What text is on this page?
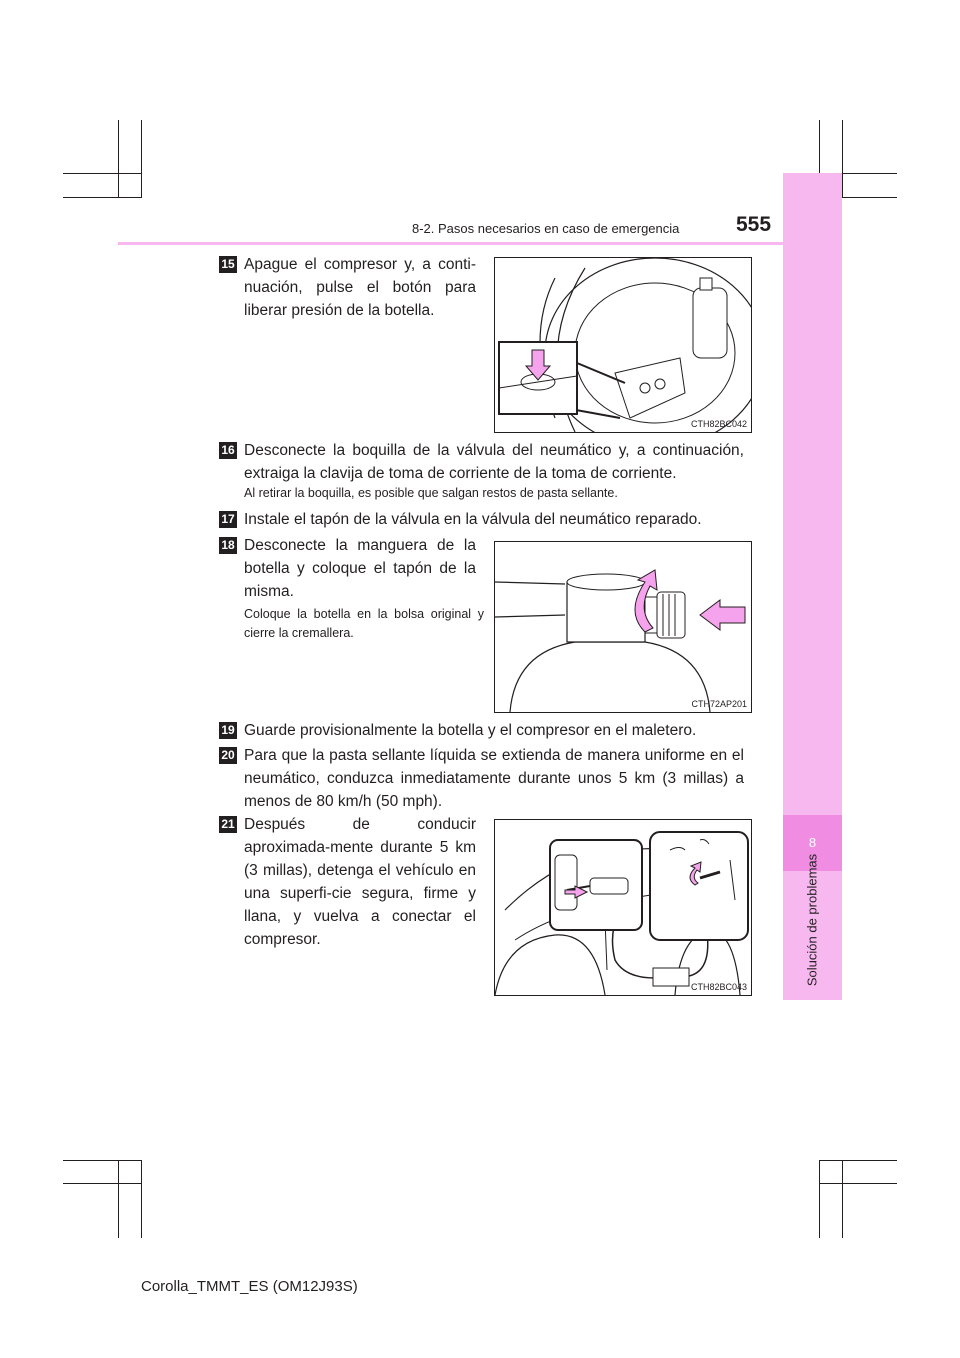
8
Solución de problemas
8-2. Pasos necesarios en caso de emergencia	555
15 Apague el compresor y, a conti-nuación, pulse el botón para liberar presión de la botella.
CTH82BC042
16 Desconecte la boquilla de la válvula del neumático y, a continuación, extraiga la clavija de toma de corriente de la toma de corriente.
Al retirar la boquilla, es posible que salgan restos de pasta sellante.
17 Instale el tapón de la válvula en la válvula del neumático reparado.
18 Desconecte la manguera de la botella y coloque el tapón de la misma.
Coloque la botella en la bolsa original y cierre la cremallera.
CTH72AP201
19 Guarde provisionalmente la botella y el compresor en el maletero.
20 Para que la pasta sellante líquida se extienda de manera uniforme en el neumático, conduzca inmediatamente durante unos 5 km (3 millas) a menos de 80 km/h (50 mph).
21 Después de conducir aproximada-mente durante 5 km (3 millas), detenga el vehículo en una superfi-cie segura, firme y llana, y vuelva a conectar el compresor.
CTH82BC043
Corolla_TMMT_ES (OM12J93S)
